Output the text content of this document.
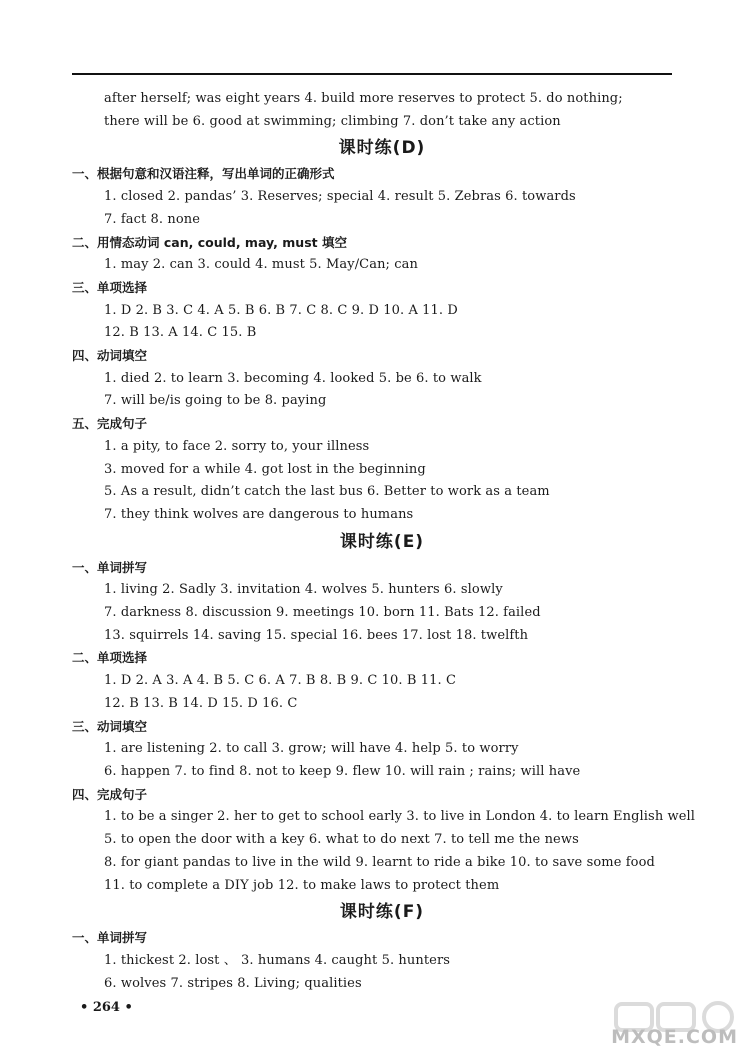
after herself; was eight years 4. build more reserves to protect 5. do nothing;
there will be 6. good at swimming; climbing 7. don’t take any action
课时练(D)
一、根据句意和汉语注释，写出单词的正确形式
1. closed 2. pandas’ 3. Reserves; special 4. result 5. Zebras 6. towards
7. fact 8. none
二、用情态动词 can, could, may, must 填空
1. may 2. can 3. could 4. must 5. May/Can; can
三、单项选择
1. D 2. B 3. C 4. A 5. B 6. B 7. C 8. C 9. D 10. A 11. D
12. B 13. A 14. C 15. B
四、动词填空
1. died 2. to learn 3. becoming 4. looked 5. be 6. to walk
7. will be/is going to be 8. paying
五、完成句子
1. a pity, to face 2. sorry to, your illness
3. moved for a while 4. got lost in the beginning
5. As a result, didn’t catch the last bus 6. Better to work as a team
7. they think wolves are dangerous to humans
课时练(E)
一、单词拼写
1. living 2. Sadly 3. invitation 4. wolves 5. hunters 6. slowly
7. darkness 8. discussion 9. meetings 10. born 11. Bats 12. failed
13. squirrels 14. saving 15. special 16. bees 17. lost 18. twelfth
二、单项选择
1. D 2. A 3. A 4. B 5. C 6. A 7. B 8. B 9. C 10. B 11. C
12. B 13. B 14. D 15. D 16. C
三、动词填空
1. are listening 2. to call 3. grow; will have 4. help 5. to worry
6. happen 7. to find 8. not to keep 9. flew 10. will rain ; rains; will have
四、完成句子
1. to be a singer 2. her to get to school early 3. to live in London 4. to learn English well
5. to open the door with a key 6. what to do next 7. to tell me the news
8. for giant pandas to live in the wild 9. learnt to ride a bike 10. to save some food
11. to complete a DIY job 12. to make laws to protect them
课时练(F)
一、单词拼写
1. thickest 2. lost 、 3. humans 4. caught 5. hunters
6. wolves 7. stripes 8. Living; qualities
• 264 •
MXQE.COM
